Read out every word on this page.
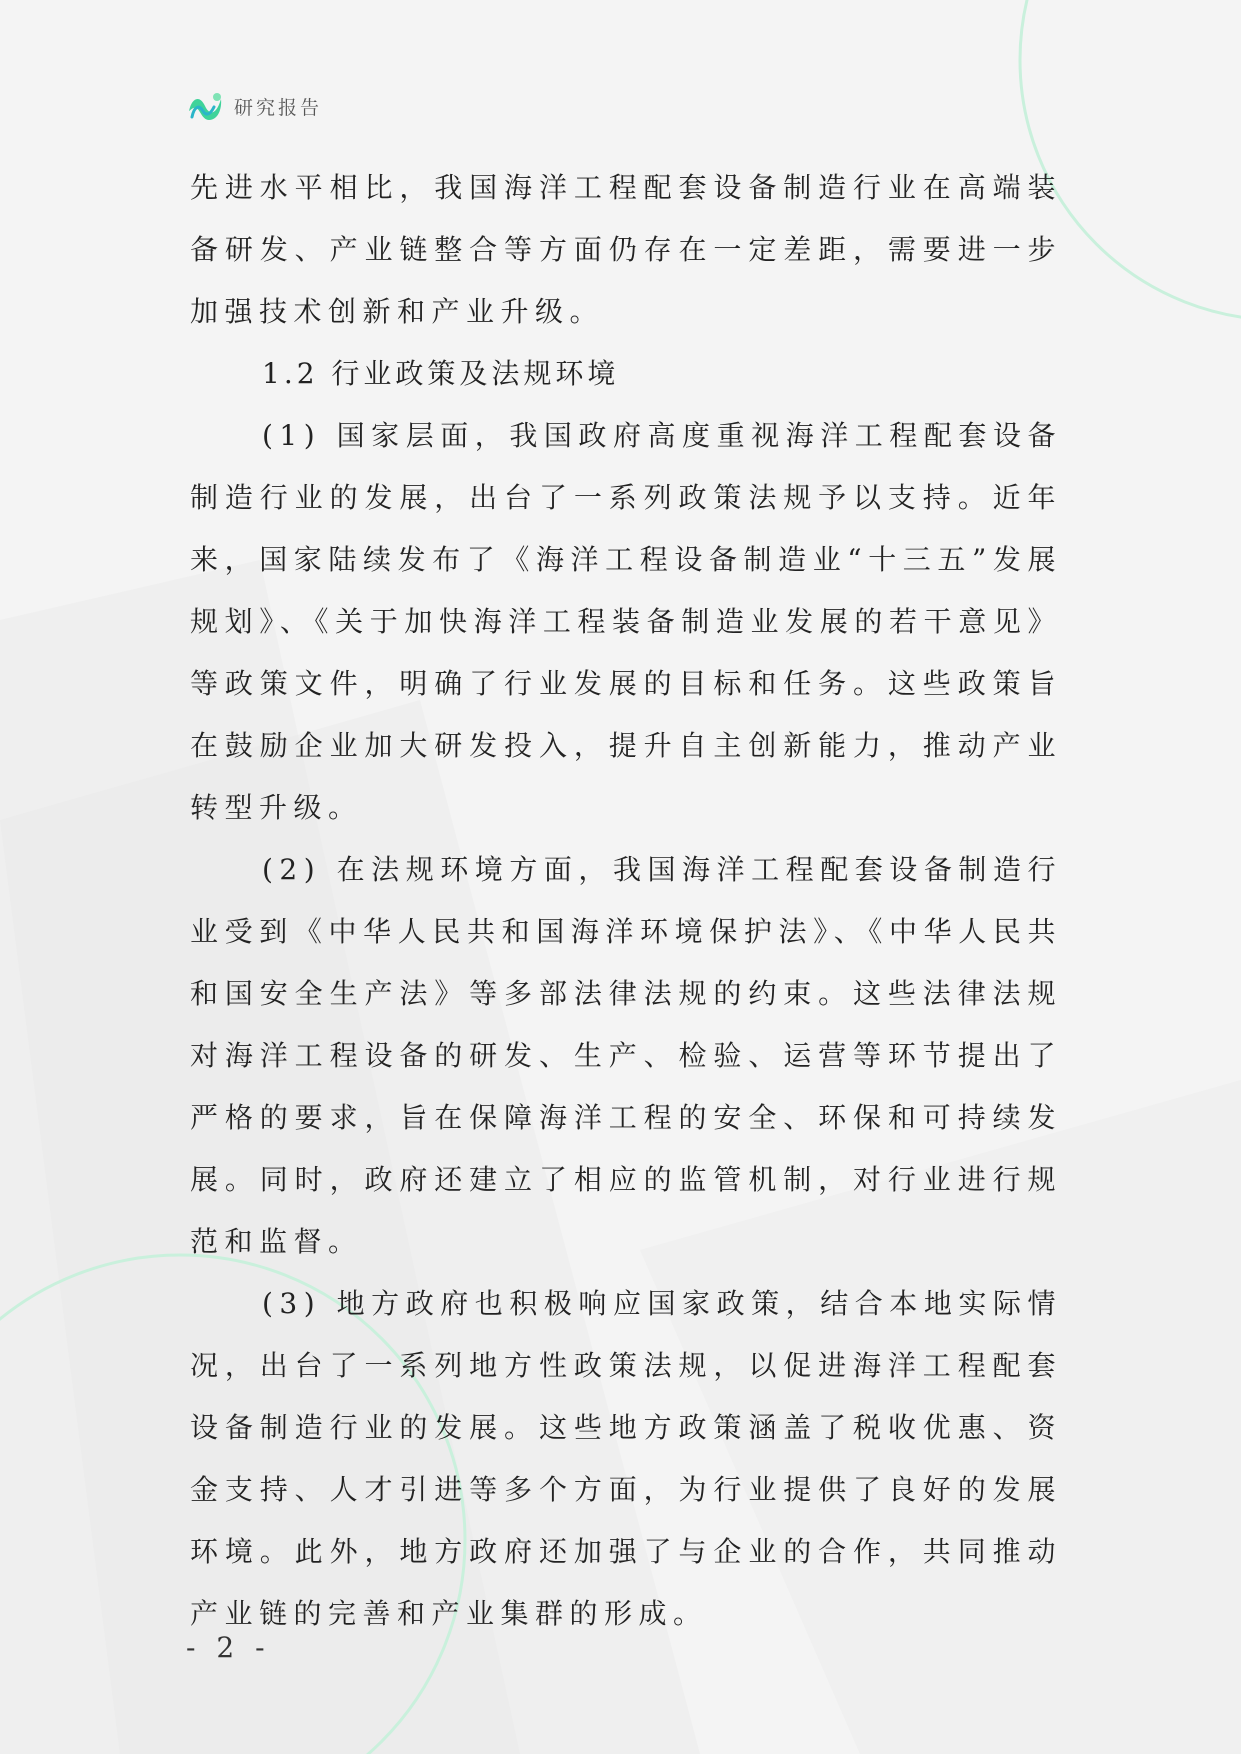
研究报告

先进水平相比，我国海洋工程配套设备制造行业在高端装备研发、产业链整合等方面仍存在一定差距，需要进一步加强技术创新和产业升级。

1.2 行业政策及法规环境

(1) 国家层面，我国政府高度重视海洋工程配套设备制造行业的发展，出台了一系列政策法规予以支持。近年来，国家陆续发布了《海洋工程设备制造业“十三五”发展规划》、《关于加快海洋工程装备制造业发展的若干意见》等政策文件，明确了行业发展的目标和任务。这些政策旨在鼓励企业加大研发投入，提升自主创新能力，推动产业转型升级。

(2) 在法规环境方面，我国海洋工程配套设备制造行业受到《中华人民共和国海洋环境保护法》、《中华人民共和国安全生产法》等多部法律法规的约束。这些法律法规对海洋工程设备的研发、生产、检验、运营等环节提出了严格的要求，旨在保障海洋工程的安全、环保和可持续发展。同时，政府还建立了相应的监管机制，对行业进行规范和监督。

(3) 地方政府也积极响应国家政策，结合本地实际情况，出台了一系列地方性政策法规，以促进海洋工程配套设备制造行业的发展。这些地方政策涵盖了税收优惠、资金支持、人才引进等多个方面，为行业提供了良好的发展环境。此外，地方政府还加强了与企业的合作，共同推动产业链的完善和产业集群的形成。

- 2 -
